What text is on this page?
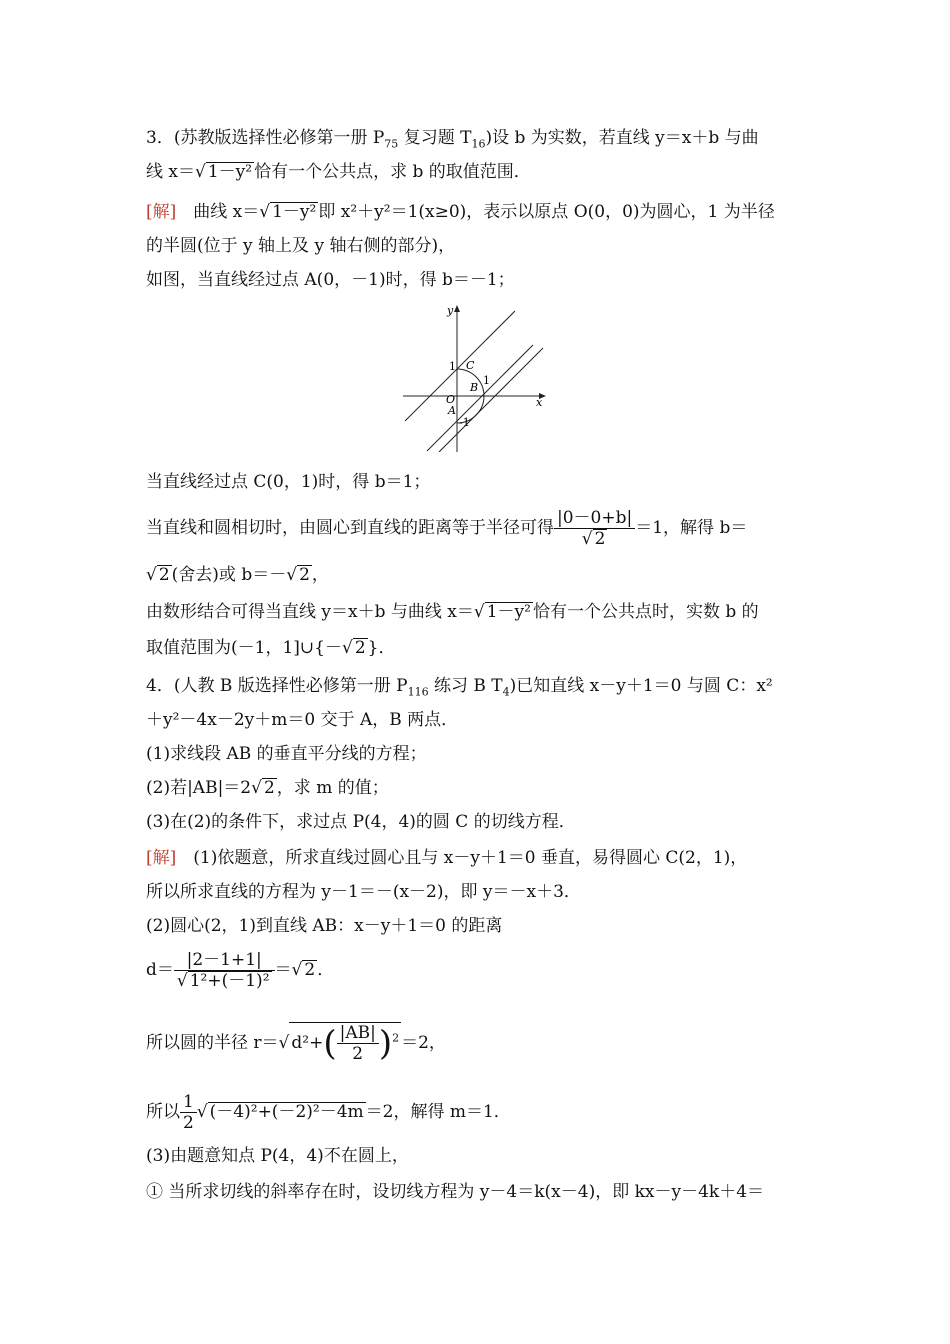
3．(苏教版选择性必修第一册 $P_{75}$ 复习题 $T_{16}$)设 b 为实数，若直线 y＝x＋b 与曲
线 x＝√ 1－y² 恰有一个公共点，求 b 的取值范围．
[解]　曲线 x＝√ 1－y² 即 x²＋y²＝1(x≥0)，表示以原点 O(0，0)为圆心，1 为半径
的半圆(位于 y 轴上及 y 轴右侧的部分)，
如图，当直线经过点 A(0，－1)时，得 b＝－1；
y
x
O
A
B
C
1
1
-1
当直线经过点 C(0，1)时，得 b＝1；
当直线和圆相切时，由圆心到直线的距离等于半径可得 $\frac{|0-0+b|}{√ 2} =1$，解得 b＝
√ 2 (舍去)或 b＝－√ 2 ，
由数形结合可得当直线 y＝x＋b 与曲线 x＝√ 1－y² 恰有一个公共点时，实数 b 的
取值范围为(－1，1]∪{－√ 2 }．
4．(人教 B 版选择性必修第一册 $P_{116}$ 练习 B $T_4$)已知直线 x－y＋1＝0 与圆 C：x²
＋y²－4x－2y＋m＝0 交于 A，B 两点．
(1)求线段 AB 的垂直平分线的方程；
(2)若|AB|＝2√ 2 ，求 m 的值；
(3)在(2)的条件下，求过点 P(4，4)的圆 C 的切线方程．
[解]　(1)依题意，所求直线过圆心且与 x－y＋1＝0 垂直，易得圆心 C(2，1)，
所以所求直线的方程为 y－1＝－(x－2)，即 y＝－x＋3．
(2)圆心(2，1)到直线 AB：x－y＋1＝0 的距离
$d= \frac{|2-1+1|}{\text{√ 1²+(－1)²}}$ ＝√ 2 ．
所以圆的半径 r＝√ $d^2+( \frac{|AB|}{2} )^2 =2$，
所以 $\frac{1}{2}$ √ (－4)²+(－2)²－4m ＝2，解得 m＝1．
(3)由题意知点 P(4，4)不在圆上，
① 当所求切线的斜率存在时，设切线方程为 y－4＝k(x－4)，即 kx－y－4k＋4＝
